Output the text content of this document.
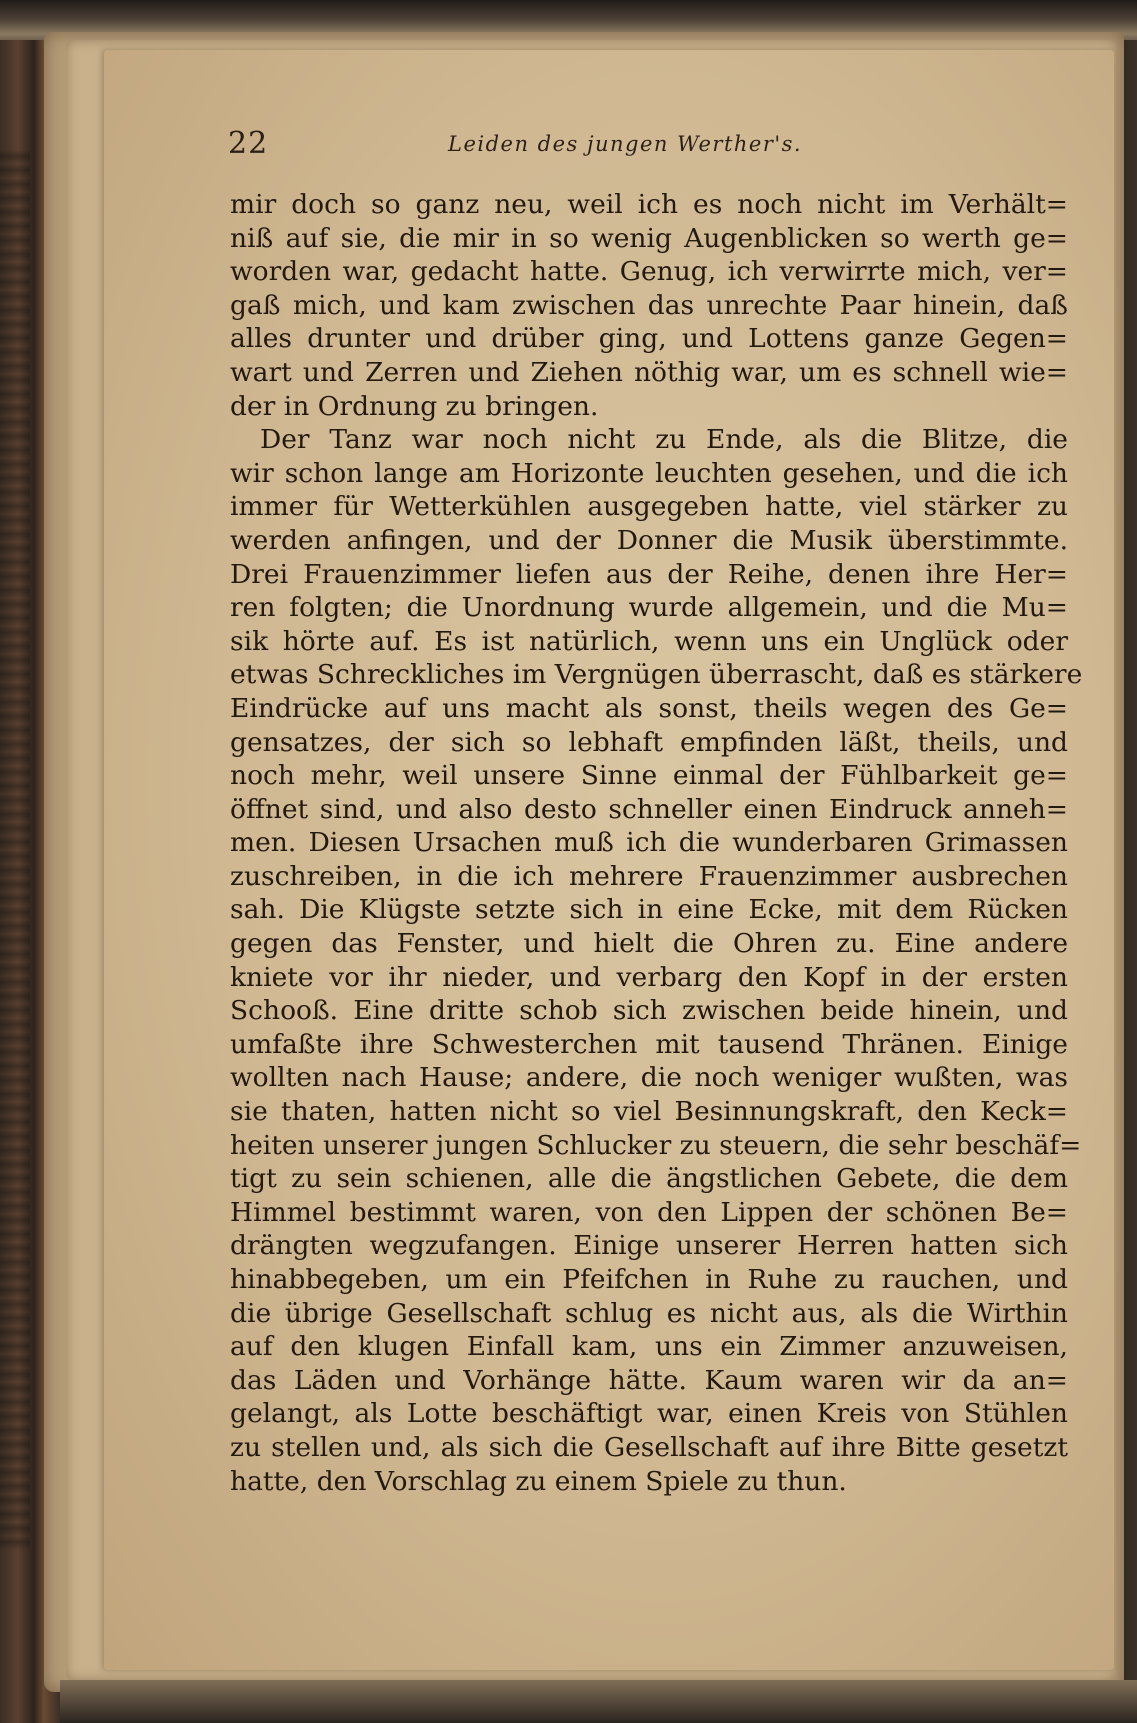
22	Leiden des jungen Werther's.
mir doch so ganz neu, weil ich es noch nicht im Verhält=
niß auf sie, die mir in so wenig Augenblicken so werth ge=
worden war, gedacht hatte. Genug, ich verwirrte mich, ver=
gaß mich, und kam zwischen das unrechte Paar hinein, daß
alles drunter und drüber ging, und Lottens ganze Gegen=
wart und Zerren und Ziehen nöthig war, um es schnell wie=
der in Ordnung zu bringen.
Der Tanz war noch nicht zu Ende, als die Blitze, die
wir schon lange am Horizonte leuchten gesehen, und die ich
immer für Wetterkühlen ausgegeben hatte, viel stärker zu
werden anfingen, und der Donner die Musik überstimmte.
Drei Frauenzimmer liefen aus der Reihe, denen ihre Her=
ren folgten; die Unordnung wurde allgemein, und die Mu=
sik hörte auf. Es ist natürlich, wenn uns ein Unglück oder
etwas Schreckliches im Vergnügen überrascht, daß es stärkere
Eindrücke auf uns macht als sonst, theils wegen des Ge=
gensatzes, der sich so lebhaft empfinden läßt, theils, und
noch mehr, weil unsere Sinne einmal der Fühlbarkeit ge=
öffnet sind, und also desto schneller einen Eindruck anneh=
men. Diesen Ursachen muß ich die wunderbaren Grimassen
zuschreiben, in die ich mehrere Frauenzimmer ausbrechen
sah. Die Klügste setzte sich in eine Ecke, mit dem Rücken
gegen das Fenster, und hielt die Ohren zu. Eine andere
kniete vor ihr nieder, und verbarg den Kopf in der ersten
Schooß. Eine dritte schob sich zwischen beide hinein, und
umfaßte ihre Schwesterchen mit tausend Thränen. Einige
wollten nach Hause; andere, die noch weniger wußten, was
sie thaten, hatten nicht so viel Besinnungskraft, den Keck=
heiten unserer jungen Schlucker zu steuern, die sehr beschäf=
tigt zu sein schienen, alle die ängstlichen Gebete, die dem
Himmel bestimmt waren, von den Lippen der schönen Be=
drängten wegzufangen. Einige unserer Herren hatten sich
hinabbegeben, um ein Pfeifchen in Ruhe zu rauchen, und
die übrige Gesellschaft schlug es nicht aus, als die Wirthin
auf den klugen Einfall kam, uns ein Zimmer anzuweisen,
das Läden und Vorhänge hätte. Kaum waren wir da an=
gelangt, als Lotte beschäftigt war, einen Kreis von Stühlen
zu stellen und, als sich die Gesellschaft auf ihre Bitte gesetzt
hatte, den Vorschlag zu einem Spiele zu thun.
